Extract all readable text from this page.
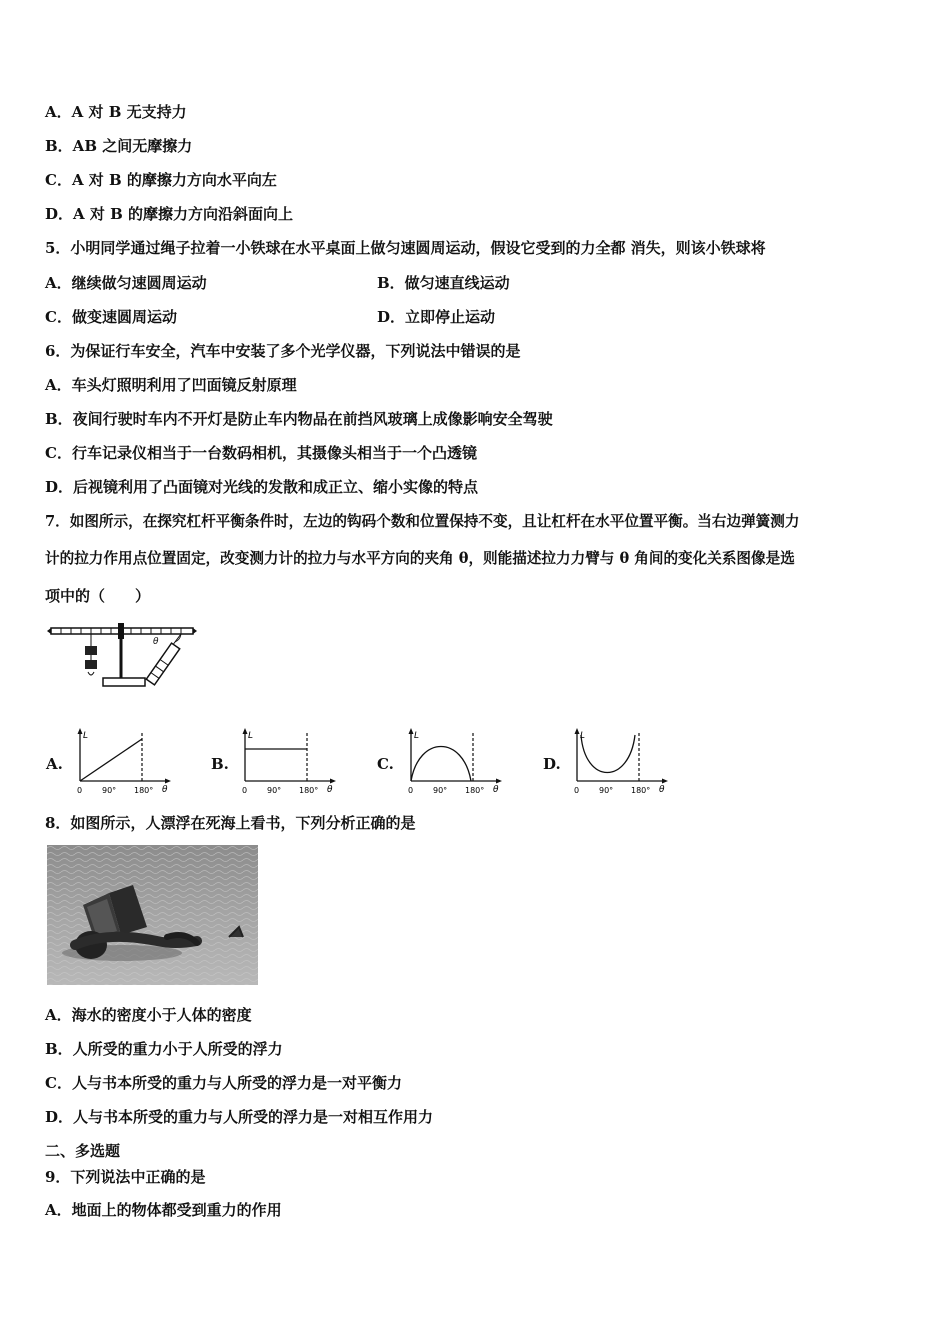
A．A 对 B 无支持力
B．AB 之间无摩擦力
C．A 对 B 的摩擦力方向水平向左
D．A 对 B 的摩擦力方向沿斜面向上
5．小明同学通过绳子拉着一小铁球在水平桌面上做匀速圆周运动，假设它受到的力全都 消失，则该小铁球将
A．继续做匀速圆周运动	B．做匀速直线运动
C．做变速圆周运动	D．立即停止运动
6．为保证行车安全，汽车中安装了多个光学仪器，下列说法中错误的是
A．车头灯照明利用了凹面镜反射原理
B．夜间行驶时车内不开灯是防止车内物品在前挡风玻璃上成像影响安全驾驶
C．行车记录仪相当于一台数码相机，其摄像头相当于一个凸透镜
D．后视镜利用了凸面镜对光线的发散和成正立、缩小实像的特点
7．如图所示，在探究杠杆平衡条件时，左边的钩码个数和位置保持不变，且让杠杆在水平位置平衡。当右边弹簧测力
计的拉力作用点位置固定，改变测力计的拉力与水平方向的夹角 θ，则能描述拉力力臂与 θ 角间的变化关系图像是选
项中的（　　）
θ
A.	B.	C.	D.
L
0 90° 180° θ
L
0 90° 180° θ
L
0 90° 180° θ
L
0 90° 180° θ
8．如图所示，人漂浮在死海上看书，下列分析正确的是
A．海水的密度小于人体的密度
B．人所受的重力小于人所受的浮力
C．人与书本所受的重力与人所受的浮力是一对平衡力
D．人与书本所受的重力与人所受的浮力是一对相互作用力
二、多选题
9．下列说法中正确的是
A．地面上的物体都受到重力的作用
